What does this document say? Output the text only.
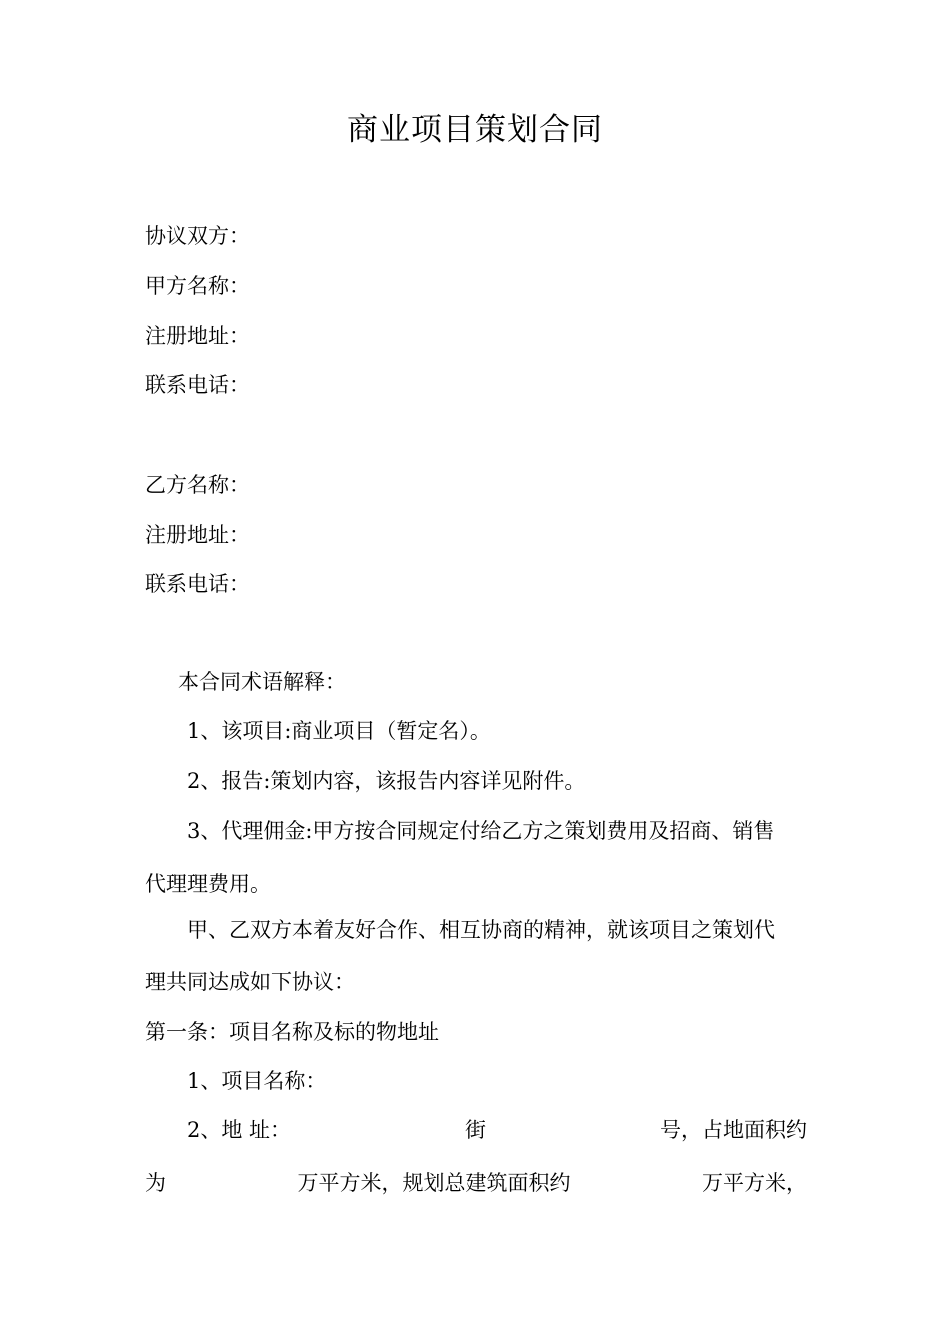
商业项目策划合同
协议双方：
甲方名称：
注册地址：
联系电话：
乙方名称：
注册地址：
联系电话：
本合同术语解释：
1、该项目:商业项目（暂定名）。
2、报告:策划内容，该报告内容详见附件。
3、代理佣金:甲方按合同规定付给乙方之策划费用及招商、销售
代理理费用。
甲、乙双方本着友好合作、相互协商的精神，就该项目之策划代
理共同达成如下协议：
第一条：项目名称及标的物地址
1、项目名称：
2、地 址：	街	号，占地面积约
为	万平方米，规划总建筑面积约	万平方米，
